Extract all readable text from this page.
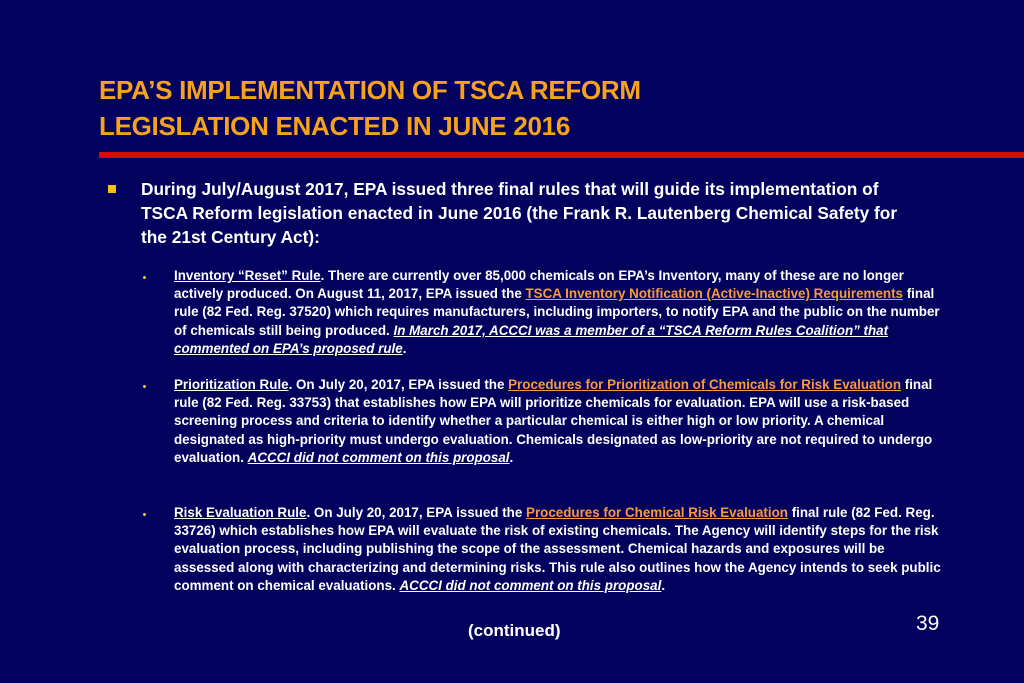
EPA’S IMPLEMENTATION OF TSCA REFORM
LEGISLATION ENACTED IN JUNE 2016
During July/August 2017, EPA issued three final rules that will guide its implementation of TSCA Reform legislation enacted in June 2016 (the Frank R. Lautenberg Chemical Safety for the 21st Century Act):
Inventory “Reset” Rule. There are currently over 85,000 chemicals on EPA’s Inventory, many of these are no longer actively produced. On August 11, 2017, EPA issued the TSCA Inventory Notification (Active-Inactive) Requirements final rule (82 Fed. Reg. 37520) which requires manufacturers, including importers, to notify EPA and the public on the number of chemicals still being produced. In March 2017, ACCCI was a member of a “TSCA Reform Rules Coalition” that commented on EPA’s proposed rule.
Prioritization Rule. On July 20, 2017, EPA issued the Procedures for Prioritization of Chemicals for Risk Evaluation final rule (82 Fed. Reg. 33753) that establishes how EPA will prioritize chemicals for evaluation. EPA will use a risk-based screening process and criteria to identify whether a particular chemical is either high or low priority. A chemical designated as high-priority must undergo evaluation. Chemicals designated as low-priority are not required to undergo evaluation. ACCCI did not comment on this proposal.
Risk Evaluation Rule. On July 20, 2017, EPA issued the Procedures for Chemical Risk Evaluation final rule (82 Fed. Reg. 33726) which establishes how EPA will evaluate the risk of existing chemicals. The Agency will identify steps for the risk evaluation process, including publishing the scope of the assessment. Chemical hazards and exposures will be assessed along with characterizing and determining risks. This rule also outlines how the Agency intends to seek public comment on chemical evaluations. ACCCI did not comment on this proposal.
(continued)	39
